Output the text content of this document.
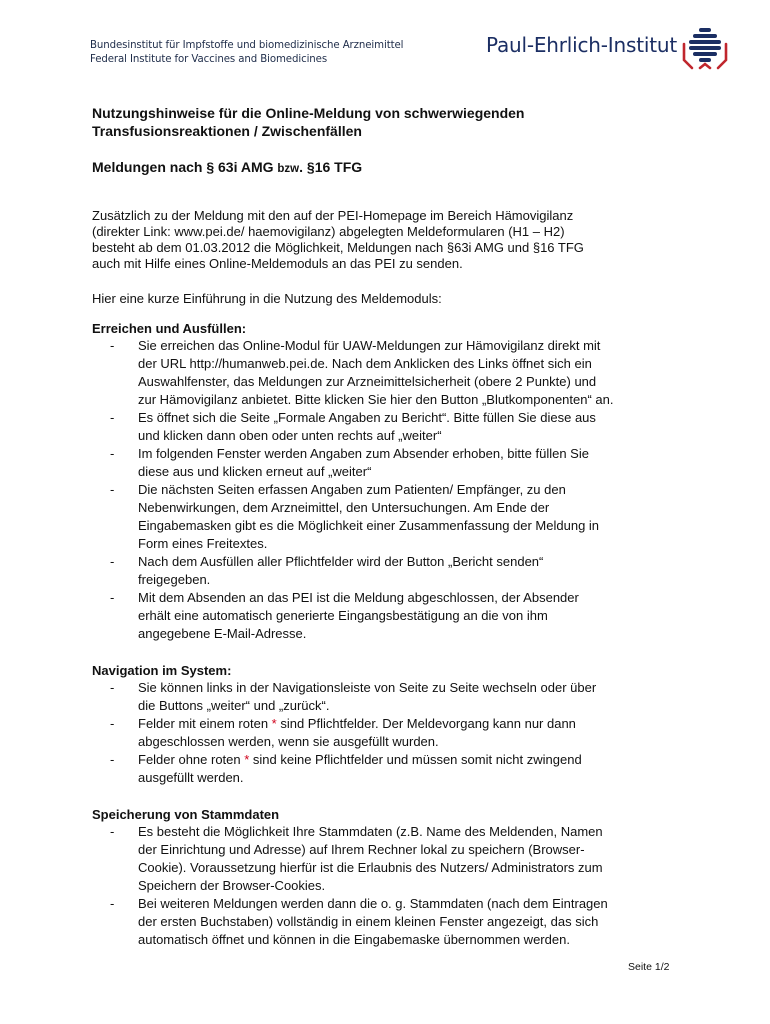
Bundesinstitut für Impfstoffe und biomedizinische Arzneimittel
Federal Institute for Vaccines and Biomedicines
Paul-Ehrlich-Institut

Nutzungshinweise für die Online-Meldung von schwerwiegenden
Transfusionsreaktionen / Zwischenfällen

Meldungen nach § 63i AMG bzw. §16 TFG

Zusätzlich zu der Meldung mit den auf der PEI-Homepage im Bereich Hämovigilanz
(direkter Link: www.pei.de/ haemovigilanz) abgelegten Meldeformularen (H1 – H2)
besteht ab dem 01.03.2012 die Möglichkeit, Meldungen nach §63i AMG und §16 TFG
auch mit Hilfe eines Online-Meldemoduls an das PEI zu senden.

Hier eine kurze Einführung in die Nutzung des Meldemoduls:

Erreichen und Ausfüllen:
- Sie erreichen das Online-Modul für UAW-Meldungen zur Hämovigilanz direkt mit
der URL http://humanweb.pei.de. Nach dem Anklicken des Links öffnet sich ein
Auswahlfenster, das Meldungen zur Arzneimittelsicherheit (obere 2 Punkte) und
zur Hämovigilanz anbietet. Bitte klicken Sie hier den Button „Blutkomponenten“ an.
- Es öffnet sich die Seite „Formale Angaben zu Bericht“. Bitte füllen Sie diese aus
und klicken dann oben oder unten rechts auf „weiter“
- Im folgenden Fenster werden Angaben zum Absender erhoben, bitte füllen Sie
diese aus und klicken erneut auf „weiter“
- Die nächsten Seiten erfassen Angaben zum Patienten/ Empfänger, zu den
Nebenwirkungen, dem Arzneimittel, den Untersuchungen. Am Ende der
Eingabemasken gibt es die Möglichkeit einer Zusammenfassung der Meldung in
Form eines Freitextes.
- Nach dem Ausfüllen aller Pflichtfelder wird der Button „Bericht senden“
freigegeben.
- Mit dem Absenden an das PEI ist die Meldung abgeschlossen, der Absender
erhält eine automatisch generierte Eingangsbestätigung an die von ihm
angegebene E-Mail-Adresse.
Navigation im System:
- Sie können links in der Navigationsleiste von Seite zu Seite wechseln oder über
die Buttons „weiter“ und „zurück“.
- Felder mit einem roten * sind Pflichtfelder. Der Meldevorgang kann nur dann
abgeschlossen werden, wenn sie ausgefüllt wurden.
- Felder ohne roten * sind keine Pflichtfelder und müssen somit nicht zwingend
ausgefüllt werden.
Speicherung von Stammdaten
- Es besteht die Möglichkeit Ihre Stammdaten (z.B. Name des Meldenden, Namen
der Einrichtung und Adresse) auf Ihrem Rechner lokal zu speichern (Browser-
Cookie). Voraussetzung hierfür ist die Erlaubnis des Nutzers/ Administrators zum
Speichern der Browser-Cookies.
- Bei weiteren Meldungen werden dann die o. g. Stammdaten (nach dem Eintragen
der ersten Buchstaben) vollständig in einem kleinen Fenster angezeigt, das sich
automatisch öffnet und können in die Eingabemaske übernommen werden.
Seite 1/2
